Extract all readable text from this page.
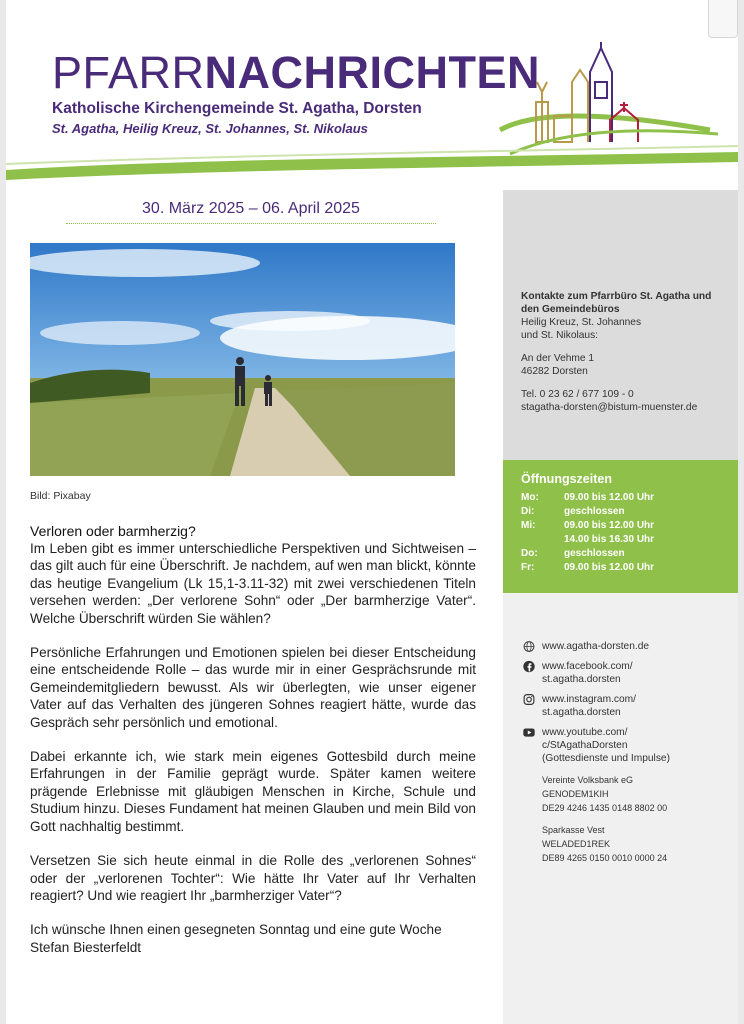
PFARRNACHRICHTEN
Katholische Kirchengemeinde St. Agatha, Dorsten
St. Agatha, Heilig Kreuz, St. Johannes, St. Nikolaus
30. März 2025 – 06. April 2025
Bild: Pixabay
Verloren oder barmherzig?

Im Leben gibt es immer unterschiedliche Perspektiven und Sichtweisen – das gilt auch für eine Überschrift. Je nachdem, auf wen man blickt, könnte das heutige Evangelium (Lk 15,1-3.11-32) mit zwei verschiedenen Titeln versehen werden: „Der verlorene Sohn“ oder „Der barmherzige Vater“. Welche Überschrift würden Sie wählen?

Persönliche Erfahrungen und Emotionen spielen bei dieser Entscheidung eine entscheidende Rolle – das wurde mir in einer Gesprächsrunde mit Gemeindemitgliedern bewusst. Als wir überlegten, wie unser eigener Vater auf das Verhalten des jüngeren Sohnes reagiert hätte, wurde das Gespräch sehr persönlich und emotional.

Dabei erkannte ich, wie stark mein eigenes Gottesbild durch meine Erfahrungen in der Familie geprägt wurde. Später kamen weitere prägende Erlebnisse mit gläubigen Menschen in Kirche, Schule und Studium hinzu. Dieses Fundament hat meinen Glauben und mein Bild von Gott nachhaltig bestimmt.

Versetzen Sie sich heute einmal in die Rolle des „verlorenen Sohnes“ oder der „verlorenen Tochter“: Wie hätte Ihr Vater auf Ihr Verhalten reagiert? Und wie reagiert Ihr „barmherziger Vater“?

Ich wünsche Ihnen einen gesegneten Sonntag und eine gute Woche

Stefan Biesterfeldt

Kontakte zum Pfarrbüro St. Agatha und
den Gemeindebüros
Heilig Kreuz, St. Johannes
und St. Nikolaus:
An der Vehme 1
46282 Dorsten
Tel. 0 23 62 / 677 109 - 0
stagatha-dorsten@bistum-muenster.de
Öffnungszeiten
Mo:	09.00 bis 12.00 Uhr
Di:	geschlossen
Mi:	09.00 bis 12.00 Uhr
14.00 bis 16.30 Uhr
Do:	geschlossen
Fr:	09.00 bis 12.00 Uhr
www.agatha-dorsten.de
www.facebook.com/
st.agatha.dorsten
www.instagram.com/
st.agatha.dorsten
www.youtube.com/
c/StAgathaDorsten
(Gottesdienste und Impulse)
Vereinte Volksbank eG
GENODEM1KIH
DE29 4246 1435 0148 8802 00
Sparkasse Vest
WELADED1REK
DE89 4265 0150 0010 0000 24
